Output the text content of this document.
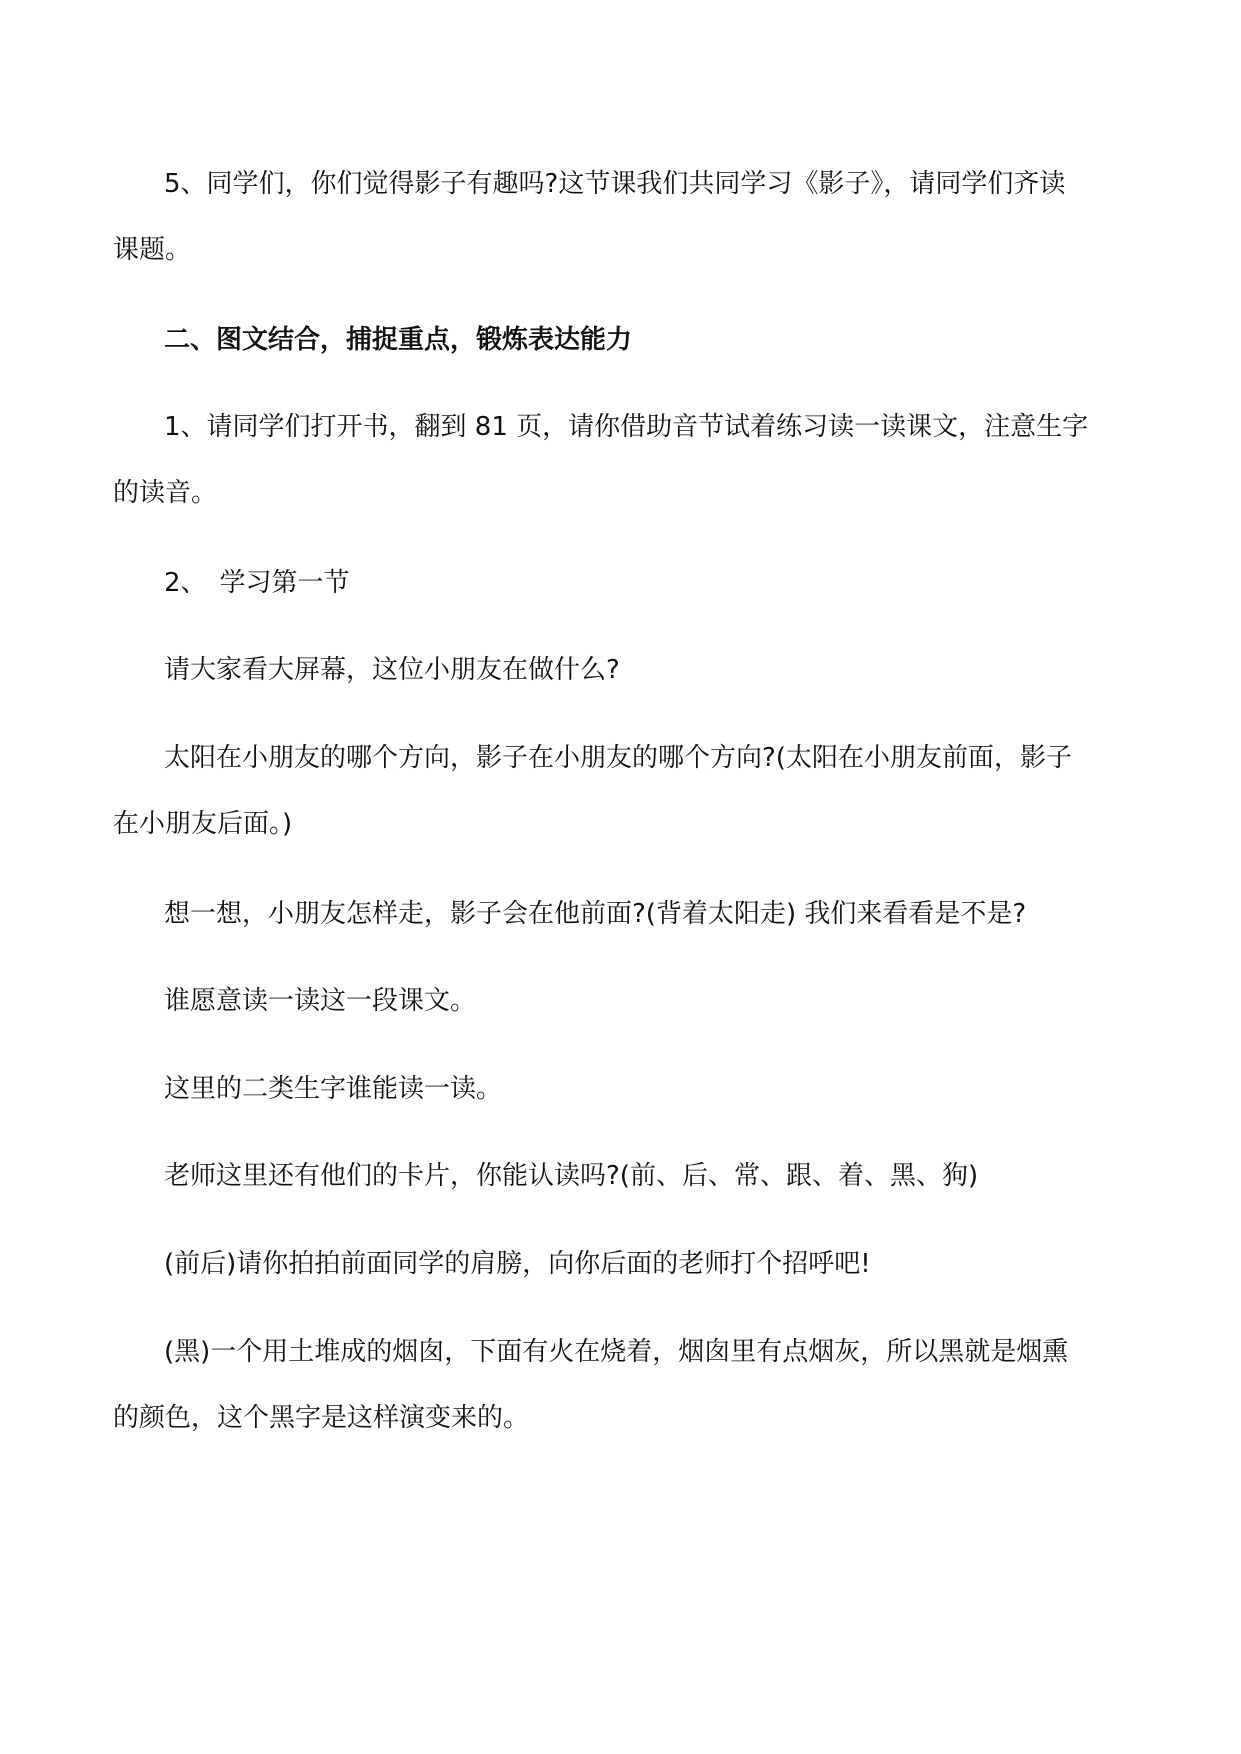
5、同学们，你们觉得影子有趣吗?这节课我们共同学习《影子》，请同学们齐读
课题。
二、图文结合，捕捉重点，锻炼表达能力
1、请同学们打开书，翻到 81 页，请你借助音节试着练习读一读课文，注意生字
的读音。
2、　学习第一节
请大家看大屏幕，这位小朋友在做什么?
太阳在小朋友的哪个方向，影子在小朋友的哪个方向?(太阳在小朋友前面，影子
在小朋友后面。)
想一想，小朋友怎样走，影子会在他前面?(背着太阳走) 我们来看看是不是?
谁愿意读一读这一段课文。
这里的二类生字谁能读一读。
老师这里还有他们的卡片，你能认读吗?(前、后、常、跟、着、黑、狗)
(前后)请你拍拍前面同学的肩膀，向你后面的老师打个招呼吧!
(黑)一个用土堆成的烟囱，下面有火在烧着，烟囱里有点烟灰，所以黑就是烟熏
的颜色，这个黑字是这样演变来的。
